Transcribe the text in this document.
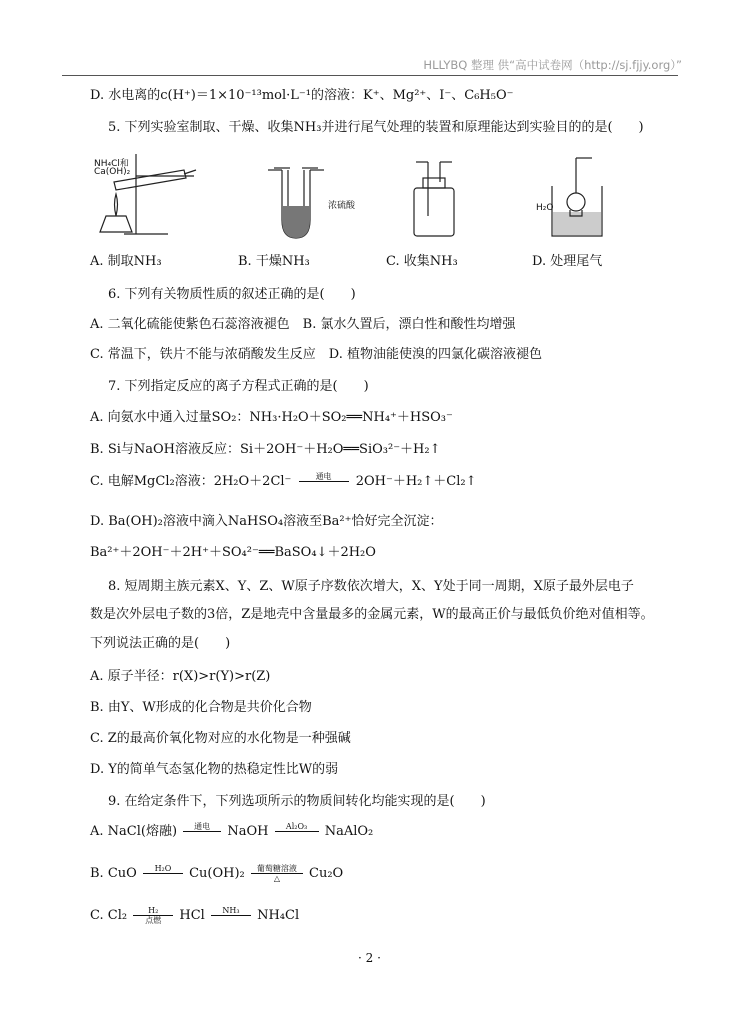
HLLYBQ 整理 供“高中试卷网（http://sj.fjjy.org）”
D. 水电离的c(H⁺)＝1×10⁻¹³mol·L⁻¹的溶液：K⁺、Mg²⁺、I⁻、C₆H₅O⁻
5. 下列实验室制取、干燥、收集NH₃并进行尾气处理的装置和原理能达到实验目的的是(　　)
NH₄Cl和
Ca(OH)₂
浓硫酸	H₂O
A. 制取NH₃	B. 干燥NH₃	C. 收集NH₃	D. 处理尾气
6. 下列有关物质性质的叙述正确的是(　　)
A. 二氧化硫能使紫色石蕊溶液褪色　B. 氯水久置后，漂白性和酸性均增强
C. 常温下，铁片不能与浓硝酸发生反应　D. 植物油能使溴的四氯化碳溶液褪色
7. 下列指定反应的离子方程式正确的是(　　)
A. 向氨水中通入过量SO₂：NH₃·H₂O＋SO₂══NH₄⁺＋HSO₃⁻
B. Si与NaOH溶液反应：Si＋2OH⁻＋H₂O══SiO₃²⁻＋H₂↑
C. 电解MgCl₂溶液：2H₂O＋2Cl⁻	通电
	2OH⁻＋H₂↑＋Cl₂↑
D. Ba(OH)₂溶液中滴入NaHSO₄溶液至Ba²⁺恰好完全沉淀：
Ba²⁺＋2OH⁻＋2H⁺＋SO₄²⁻══BaSO₄↓＋2H₂O
8. 短周期主族元素X、Y、Z、W原子序数依次增大，X、Y处于同一周期，X原子最外层电子
数是次外层电子数的3倍，Z是地壳中含量最多的金属元素，W的最高正价与最低负价绝对值相等。
下列说法正确的是(　　)
A. 原子半径：r(X)>r(Y)>r(Z)
B. 由Y、W形成的化合物是共价化合物
C. Z的最高价氧化物对应的水化物是一种强碱
D. Y的简单气态氢化物的热稳定性比W的弱
9. 在给定条件下，下列选项所示的物质间转化均能实现的是(　　)
A. NaCl(熔融)	通电
	NaOH	Al₂O₃
	NaAlO₂
B. CuO	H₂O
	Cu(OH)₂	葡萄糖溶液
△	Cu₂O
C. Cl₂	H₂
点燃	HCl	NH₃
	NH₄Cl
· 2 ·
